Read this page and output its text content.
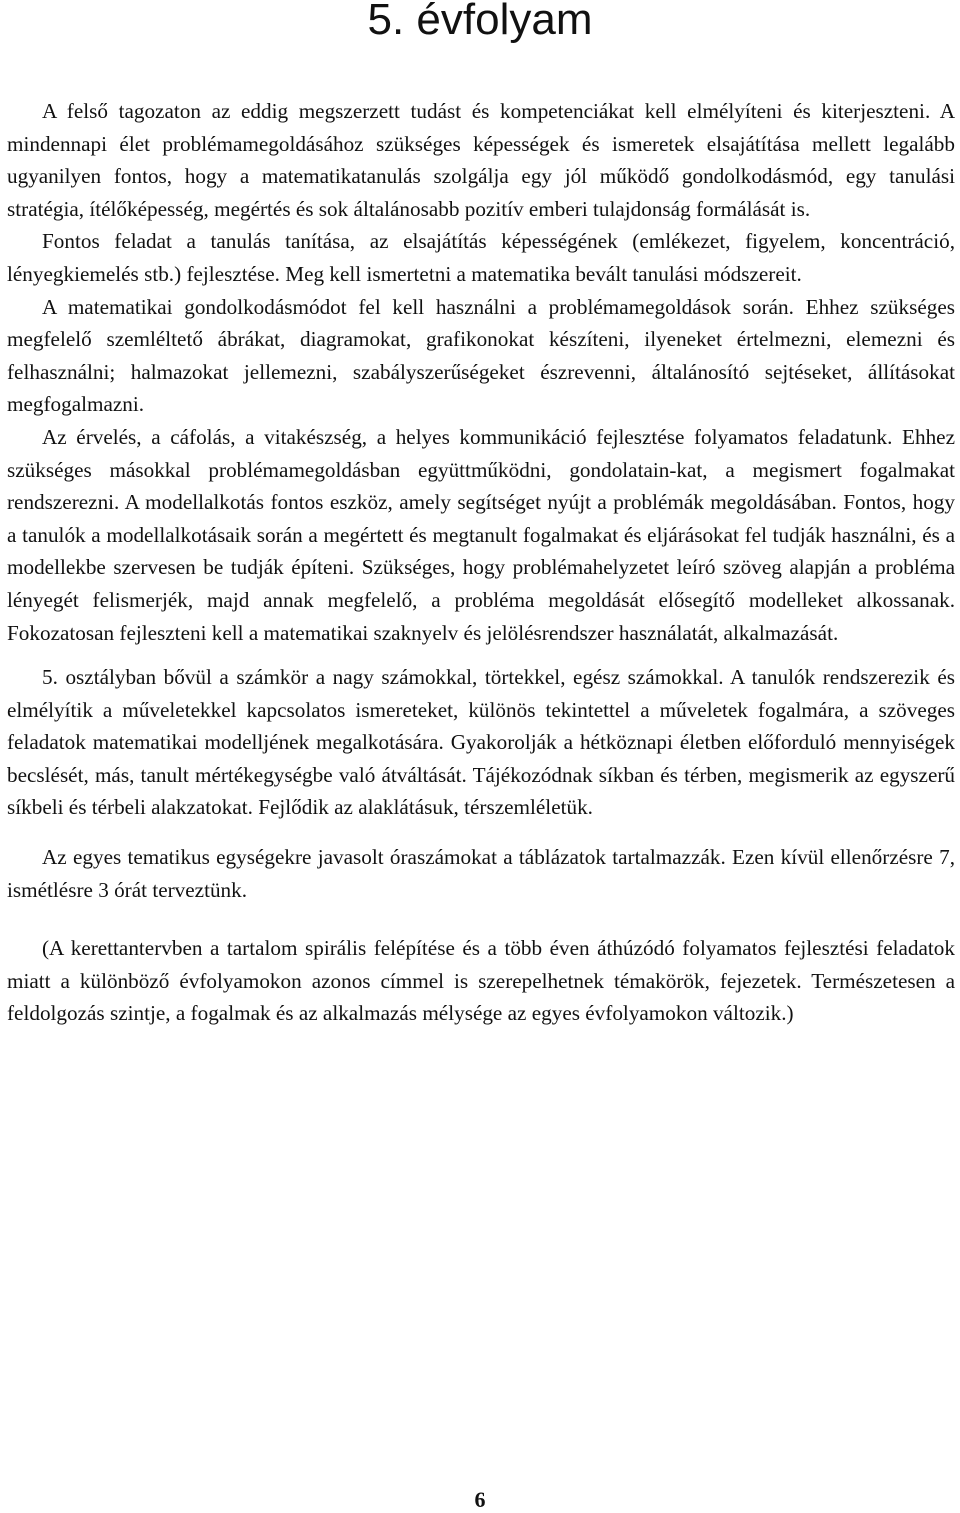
5. évfolyam

A felső tagozaton az eddig megszerzett tudást és kompetenciákat kell elmélyíteni és kiterjeszteni. A mindennapi élet problémamegoldásához szükséges képességek és ismeretek elsajátítása mellett legalább ugyanilyen fontos, hogy a matematikatanulás szolgálja egy jól működő gondolkodásmód, egy tanulási stratégia, ítélőképesség, megértés és sok általánosabb pozitív emberi tulajdonság formálását is.

Fontos feladat a tanulás tanítása, az elsajátítás képességének (emlékezet, figyelem, koncentráció, lényegkiemelés stb.) fejlesztése. Meg kell ismertetni a matematika bevált tanulási módszereit.

A matematikai gondolkodásmódot fel kell használni a problémamegoldások során. Ehhez szükséges megfelelő szemléltető ábrákat, diagramokat, grafikonokat készíteni, ilyeneket értelmezni, elemezni és felhasználni; halmazokat jellemezni, szabályszerűségeket észrevenni, általánosító sejtéseket, állításokat megfogalmazni.

Az érvelés, a cáfolás, a vitakészség, a helyes kommunikáció fejlesztése folyamatos feladatunk. Ehhez szükséges másokkal problémamegoldásban együttműködni, gondolatain-kat, a megismert fogalmakat rendszerezni. A modellalkotás fontos eszköz, amely segítséget nyújt a problémák megoldásában. Fontos, hogy a tanulók a modellalkotásaik során a megértett és megtanult fogalmakat és eljárásokat fel tudják használni, és a modellekbe szervesen be tudják építeni. Szükséges, hogy problémahelyzetet leíró szöveg alapján a probléma lényegét felismerjék, majd annak megfelelő, a probléma megoldását elősegítő modelleket alkossanak. Fokozatosan fejleszteni kell a matematikai szaknyelv és jelölésrendszer használatát, alkalmazását.

5. osztályban bővül a számkör a nagy számokkal, törtekkel, egész számokkal. A tanulók rendszerezik és elmélyítik a műveletekkel kapcsolatos ismereteket, különös tekintettel a műveletek fogalmára, a szöveges feladatok matematikai modelljének megalkotására. Gyakorolják a hétköznapi életben előforduló mennyiségek becslését, más, tanult mértékegységbe való átváltását. Tájékozódnak síkban és térben, megismerik az egyszerű síkbeli és térbeli alakzatokat. Fejlődik az alaklátásuk, térszemléletük.

Az egyes tematikus egységekre javasolt óraszámokat a táblázatok tartalmazzák. Ezen kívül ellenőrzésre 7, ismétlésre 3 órát terveztünk.

(A kerettantervben a tartalom spirális felépítése és a több éven áthúzódó folyamatos fejlesztési feladatok miatt a különböző évfolyamokon azonos címmel is szerepelhetnek témakörök, fejezetek. Természetesen a feldolgozás szintje, a fogalmak és az alkalmazás mélysége az egyes évfolyamokon változik.)

6
